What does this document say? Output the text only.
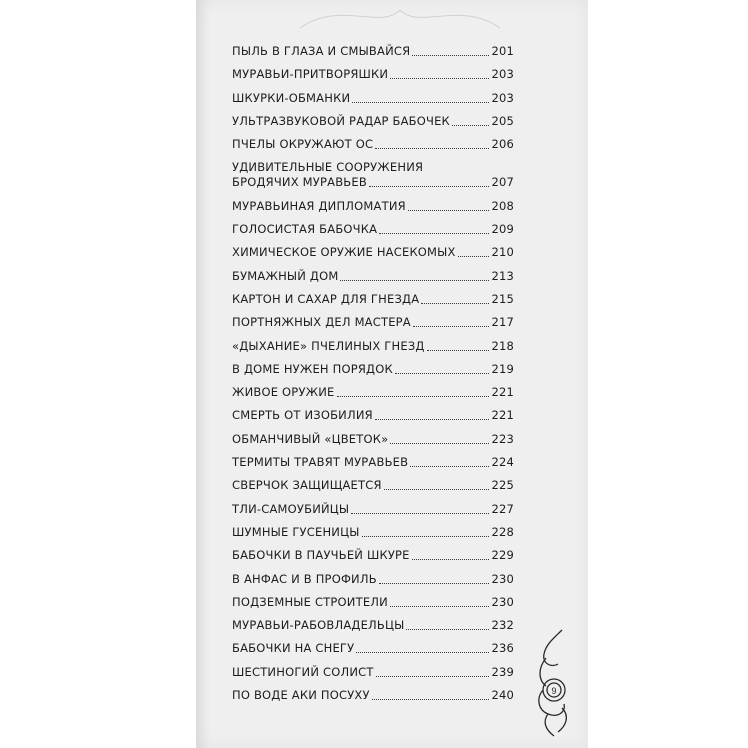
ПЫЛЬ В ГЛАЗА И СМЫВАЙСЯ	201
МУРАВЬИ-ПРИТВОРЯШКИ	203
ШКУРКИ-ОБМАНКИ	203
УЛЬТРАЗВУКОВОЙ РАДАР БАБОЧЕК	205
ПЧЕЛЫ ОКРУЖАЮТ ОС	206
УДИВИТЕЛЬНЫЕ СООРУЖЕНИЯ
БРОДЯЧИХ МУРАВЬЕВ	207
МУРАВЬИНАЯ ДИПЛОМАТИЯ	208
ГОЛОСИСТАЯ БАБОЧКА	209
ХИМИЧЕСКОЕ ОРУЖИЕ НАСЕКОМЫХ	210
БУМАЖНЫЙ ДОМ	213
КАРТОН И САХАР ДЛЯ ГНЕЗДА	215
ПОРТНЯЖНЫХ ДЕЛ МАСТЕРА	217
«ДЫХАНИЕ» ПЧЕЛИНЫХ ГНЕЗД	218
В ДОМЕ НУЖЕН ПОРЯДОК	219
ЖИВОЕ ОРУЖИЕ	221
СМЕРТЬ ОТ ИЗОБИЛИЯ	221
ОБМАНЧИВЫЙ «ЦВЕТОК»	223
ТЕРМИТЫ ТРАВЯТ МУРАВЬЕВ	224
СВЕРЧОК ЗАЩИЩАЕТСЯ	225
ТЛИ-САМОУБИЙЦЫ	227
ШУМНЫЕ ГУСЕНИЦЫ	228
БАБОЧКИ В ПАУЧЬЕЙ ШКУРЕ	229
В АНФАС И В ПРОФИЛЬ	230
ПОДЗЕМНЫЕ СТРОИТЕЛИ	230
МУРАВЬИ-РАБОВЛАДЕЛЬЦЫ	232
БАБОЧКИ НА СНЕГУ	236
ШЕСТИНОГИЙ СОЛИСТ	239
ПО ВОДЕ АКИ ПОСУХУ	240	9
